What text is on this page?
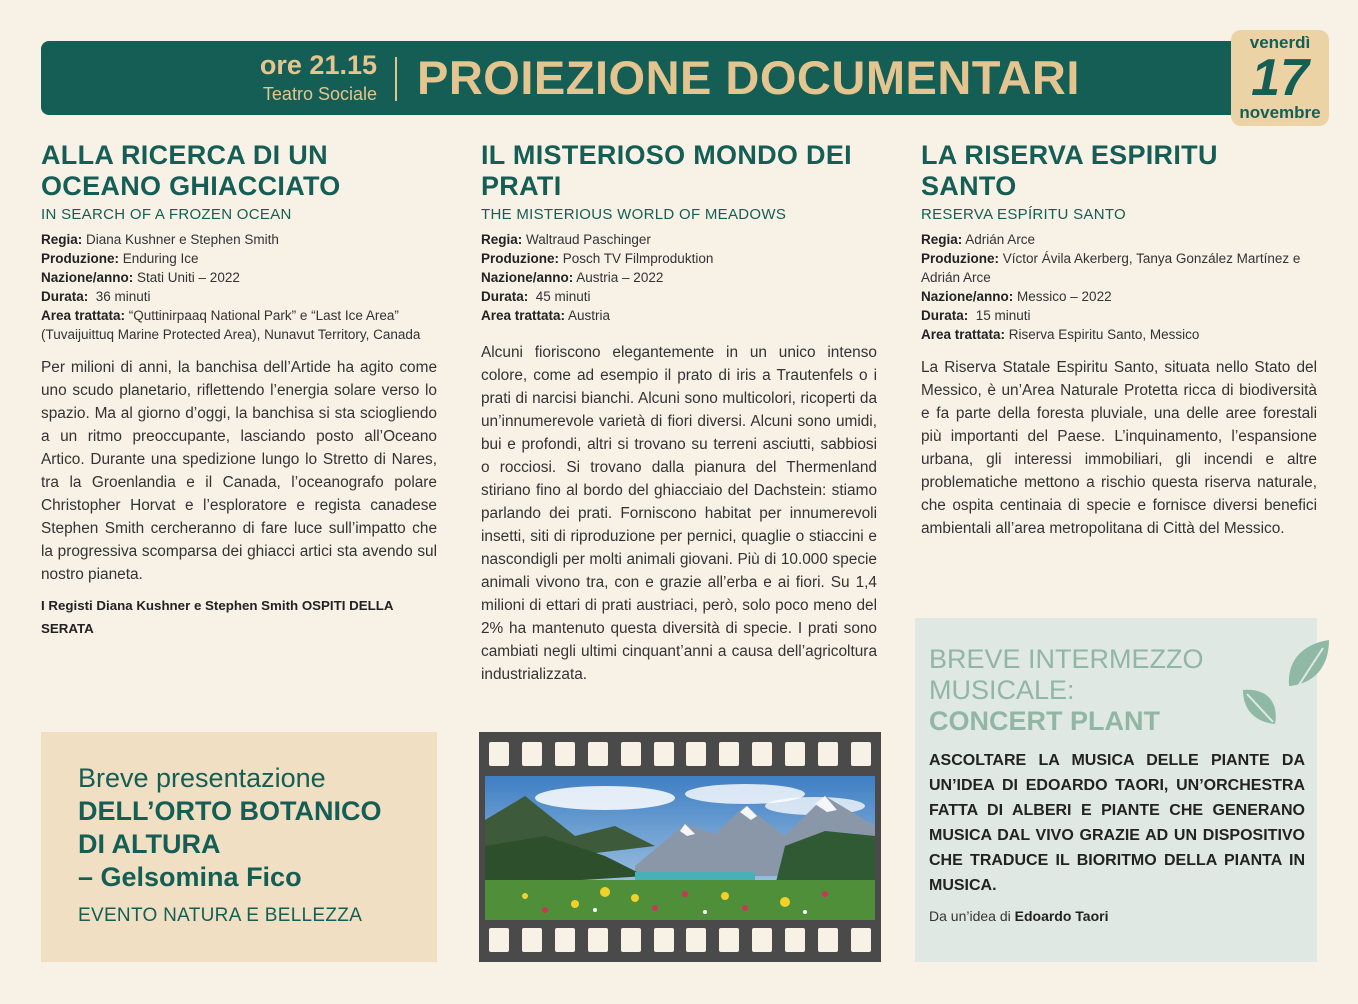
ore 21.15
Teatro Sociale PROIEZIONE DOCUMENTARI
venerdì
17
novembre
ALLA RICERCA DI UN OCEANO GHIACCIATO
IN SEARCH OF A FROZEN OCEAN
Regia: Diana Kushner e Stephen Smith
Produzione: Enduring Ice
Nazione/anno: Stati Uniti – 2022
Durata: 36 minuti
Area trattata: “Quttinirpaaq National Park” e “Last Ice Area” (Tuvaijuittuq Marine Protected Area), Nunavut Territory, Canada
Per milioni di anni, la banchisa dell’Artide ha agito come uno scudo planetario, riflettendo l’energia solare verso lo spazio. Ma al giorno d’oggi, la banchisa si sta sciogliendo a un ritmo preoccupante, lasciando posto all’Oceano Artico. Durante una spedizione lungo lo Stretto di Nares, tra la Groenlandia e il Canada, l’oceanografo polare Christopher Horvat e l’esploratore e regista canadese Stephen Smith cercheranno di fare luce sull’impatto che la progressiva scomparsa dei ghiacci artici sta avendo sul nostro pianeta.
I Registi Diana Kushner e Stephen Smith OSPITI DELLA SERATA
IL MISTERIOSO MONDO DEI PRATI
THE MISTERIOUS WORLD OF MEADOWS
Regia: Waltraud Paschinger
Produzione: Posch TV Filmproduktion
Nazione/anno: Austria – 2022
Durata: 45 minuti
Area trattata: Austria
Alcuni fioriscono elegantemente in un unico intenso colore, come ad esempio il prato di iris a Trautenfels o i prati di narcisi bianchi. Alcuni sono multicolori, ricoperti da un’innumerevole varietà di fiori diversi. Alcuni sono umidi, bui e profondi, altri si trovano su terreni asciutti, sabbiosi o rocciosi. Si trovano dalla pianura del Thermenland stiriano fino al bordo del ghiacciaio del Dachstein: stiamo parlando dei prati. Forniscono habitat per innumerevoli insetti, siti di riproduzione per pernici, quaglie o stiaccini e nascondigli per molti animali giovani. Più di 10.000 specie animali vivono tra, con e grazie all’erba e ai fiori. Su 1,4 milioni di ettari di prati austriaci, però, solo poco meno del 2% ha mantenuto questa diversità di specie. I prati sono cambiati negli ultimi cinquant’anni a causa dell’agricoltura industrializzata.
LA RISERVA ESPIRITU SANTO
RESERVA ESPÍRITU SANTO
Regia: Adrián Arce
Produzione: Víctor Ávila Akerberg, Tanya González Martínez e Adrián Arce
Nazione/anno: Messico – 2022
Durata: 15 minuti
Area trattata: Riserva Espiritu Santo, Messico
La Riserva Statale Espiritu Santo, situata nello Stato del Messico, è un’Area Naturale Protetta ricca di biodiversità e fa parte della foresta pluviale, una delle aree forestali più importanti del Paese. L’inquinamento, l’espansione urbana, gli interessi immobiliari, gli incendi e altre problematiche mettono a rischio questa riserva naturale, che ospita centinaia di specie e fornisce diversi benefici ambientali all’area metropolitana di Città del Messico.
Breve presentazione
DELL’ORTO BOTANICO
DI ALTURA
– Gelsomina Fico
EVENTO NATURA E BELLEZZA
BREVE INTERMEZZO
MUSICALE:
CONCERT PLANT
ASCOLTARE LA MUSICA DELLE PIANTE DA UN’IDEA DI EDOARDO TAORI, UN’ORCHESTRA FATTA DI ALBERI E PIANTE CHE GENERANO MUSICA DAL VIVO GRAZIE AD UN DISPOSITIVO CHE TRADUCE IL BIORITMO DELLA PIANTA IN MUSICA.
Da un’idea di Edoardo Taori
